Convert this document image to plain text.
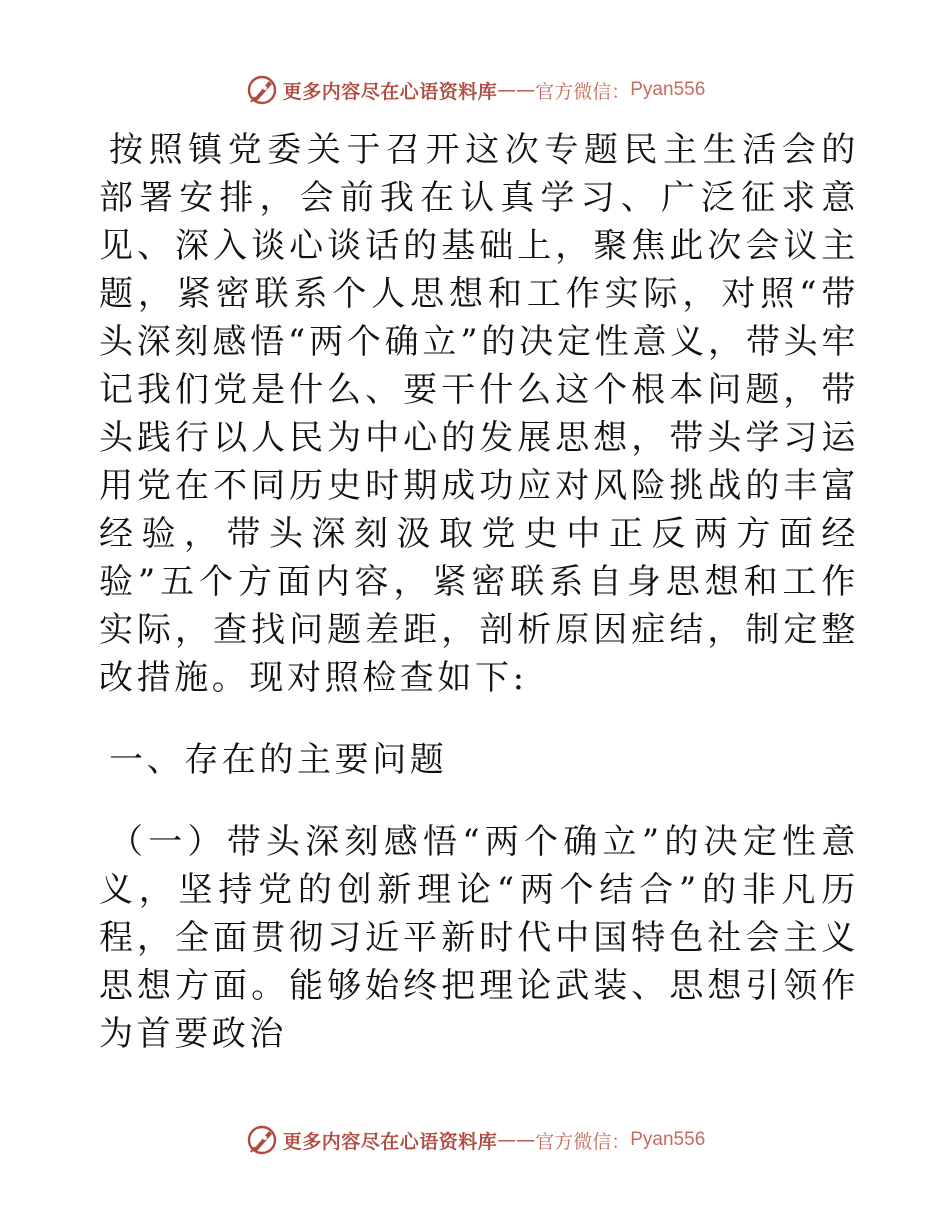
更多内容尽在心语资料库 —— 官方微信： Pyan556

按照镇党委关于召开这次专题民主生活会的部署安排，会前我在认真学习、广泛征求意见、深入谈心谈话的基础上，聚焦此次会议主题，紧密联系个人思想和工作实际，对照“带头深刻感悟“两个确立”的决定性意义，带头牢记我们党是什么、要干什么这个根本问题，带头践行以人民为中心的发展思想，带头学习运用党在不同历史时期成功应对风险挑战的丰富经验，带头深刻汲取党史中正反两方面经验”五个方面内容，紧密联系自身思想和工作实际，查找问题差距，剖析原因症结，制定整改措施。现对照检查如下:

一、存在的主要问题

（一）带头深刻感悟“两个确立”的决定性意义，坚持党的创新理论“两个结合”的非凡历程，全面贯彻习近平新时代中国特色社会主义思想方面。能够始终把理论武装、思想引领作为首要政治

更多内容尽在心语资料库 —— 官方微信： Pyan556
